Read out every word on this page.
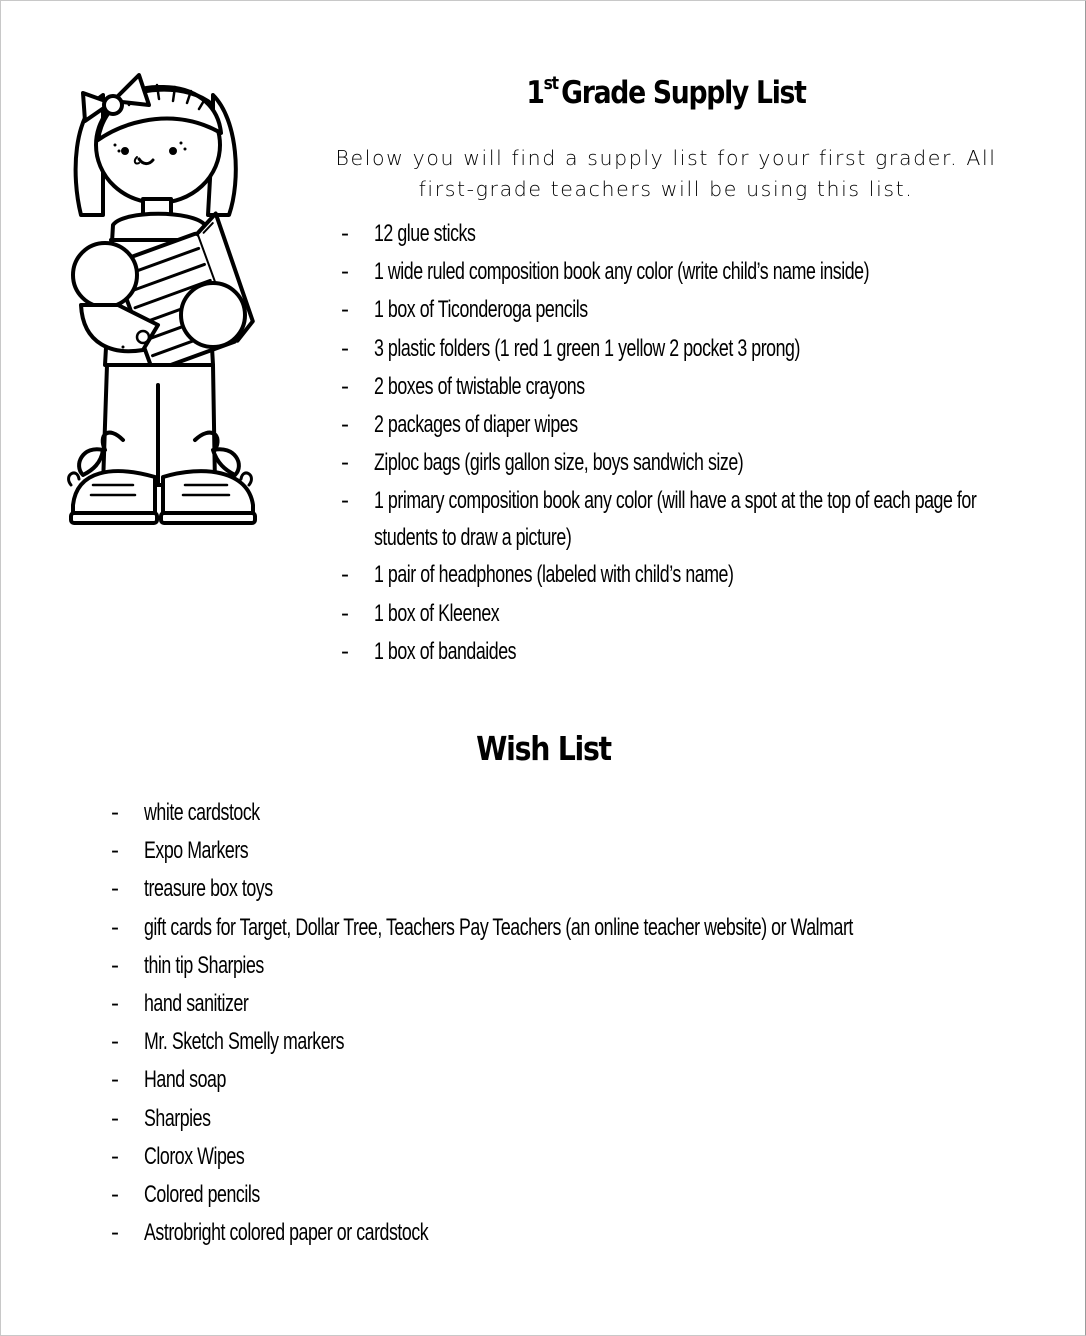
1st Grade Supply List
Below you will find a supply list for your first grader. All
first-grade teachers will be using this list.
- 12 glue sticks
- 1 wide ruled composition book any color (write child’s name inside)
- 1 box of Ticonderoga pencils
- 3 plastic folders (1 red 1 green 1 yellow 2 pocket 3 prong)
- 2 boxes of twistable crayons
- 2 packages of diaper wipes
- Ziploc bags (girls gallon size, boys sandwich size)
- 1 primary composition book any color (will have a spot at the top of each page for students to draw a picture)
- 1 pair of headphones (labeled with child’s name)
- 1 box of Kleenex
- 1 box of bandaides
Wish List
- white cardstock
- Expo Markers
- treasure box toys
- gift cards for Target, Dollar Tree, Teachers Pay Teachers (an online teacher website) or Walmart
- thin tip Sharpies
- hand sanitizer
- Mr. Sketch Smelly markers
- Hand soap
- Sharpies
- Clorox Wipes
- Colored pencils
- Astrobright colored paper or cardstock
